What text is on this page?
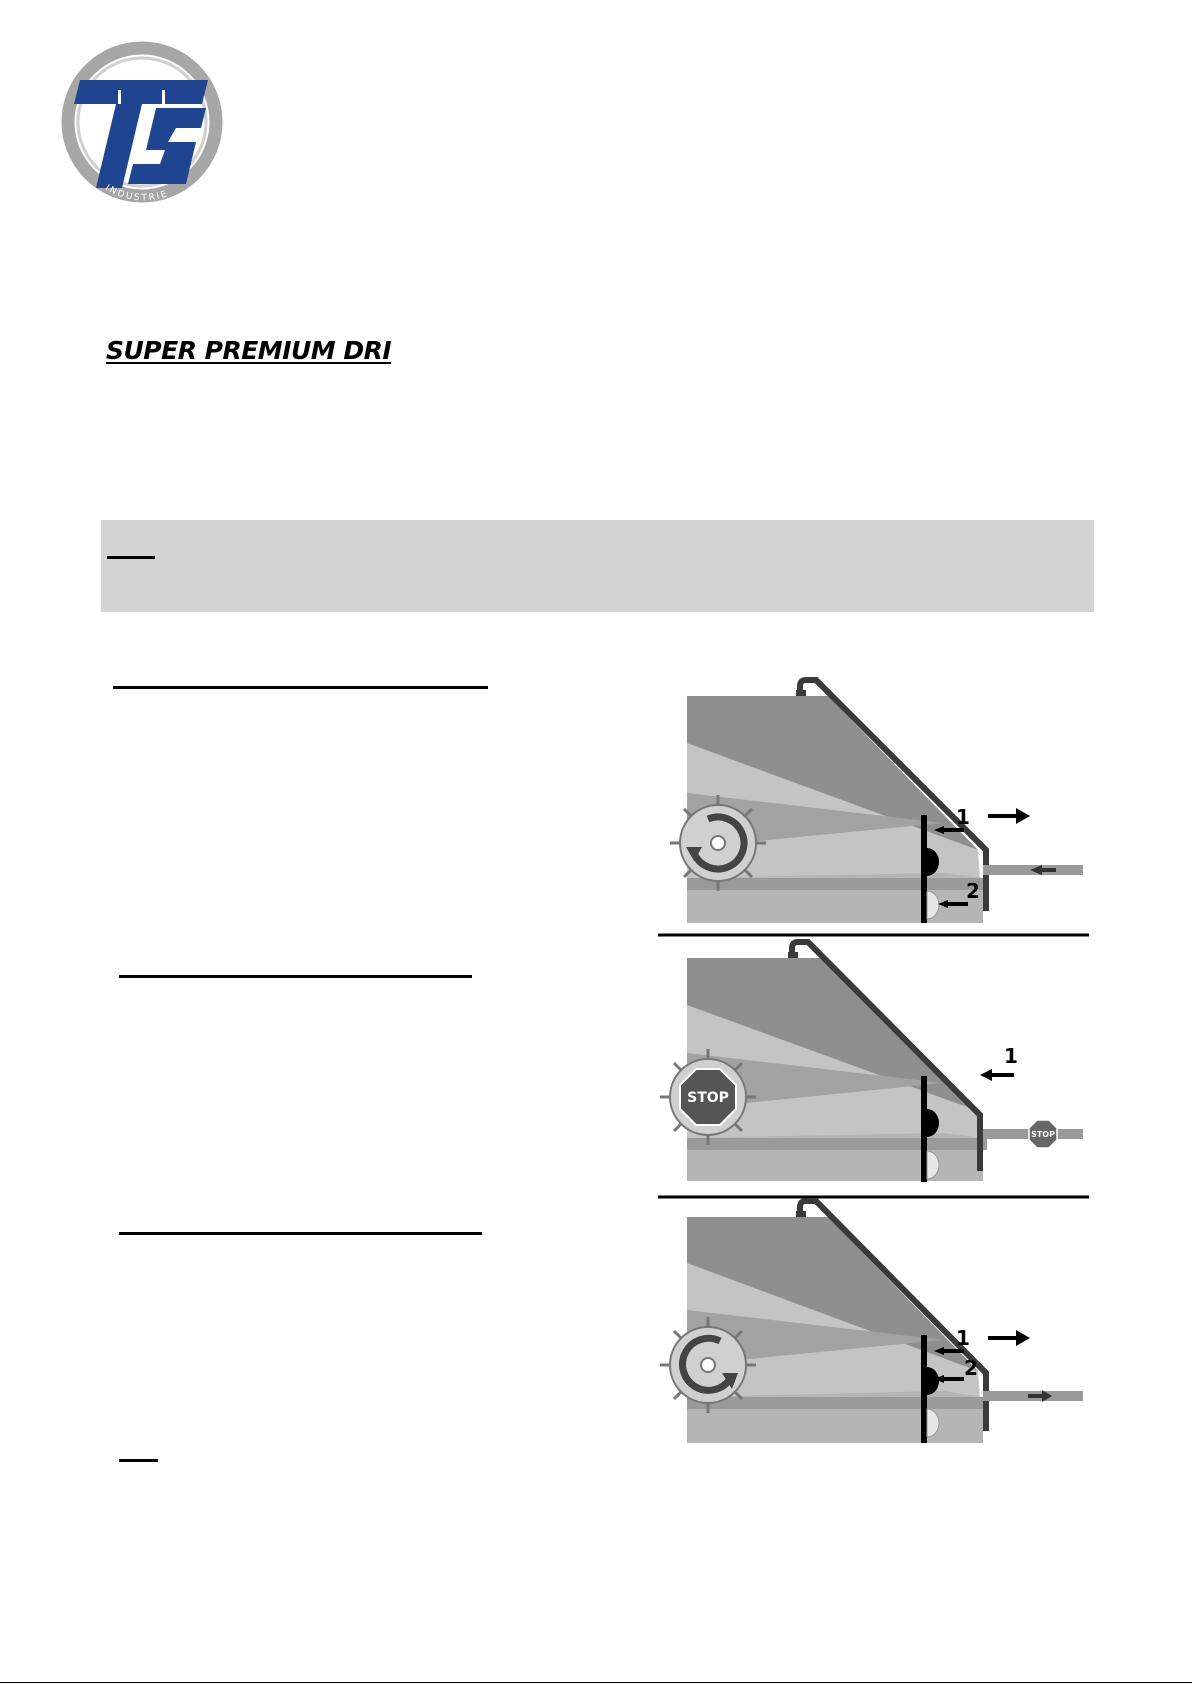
INDUSTRIE
SUPER PREMIUM DRI
1
2
STOP
1
STOP
1
2
